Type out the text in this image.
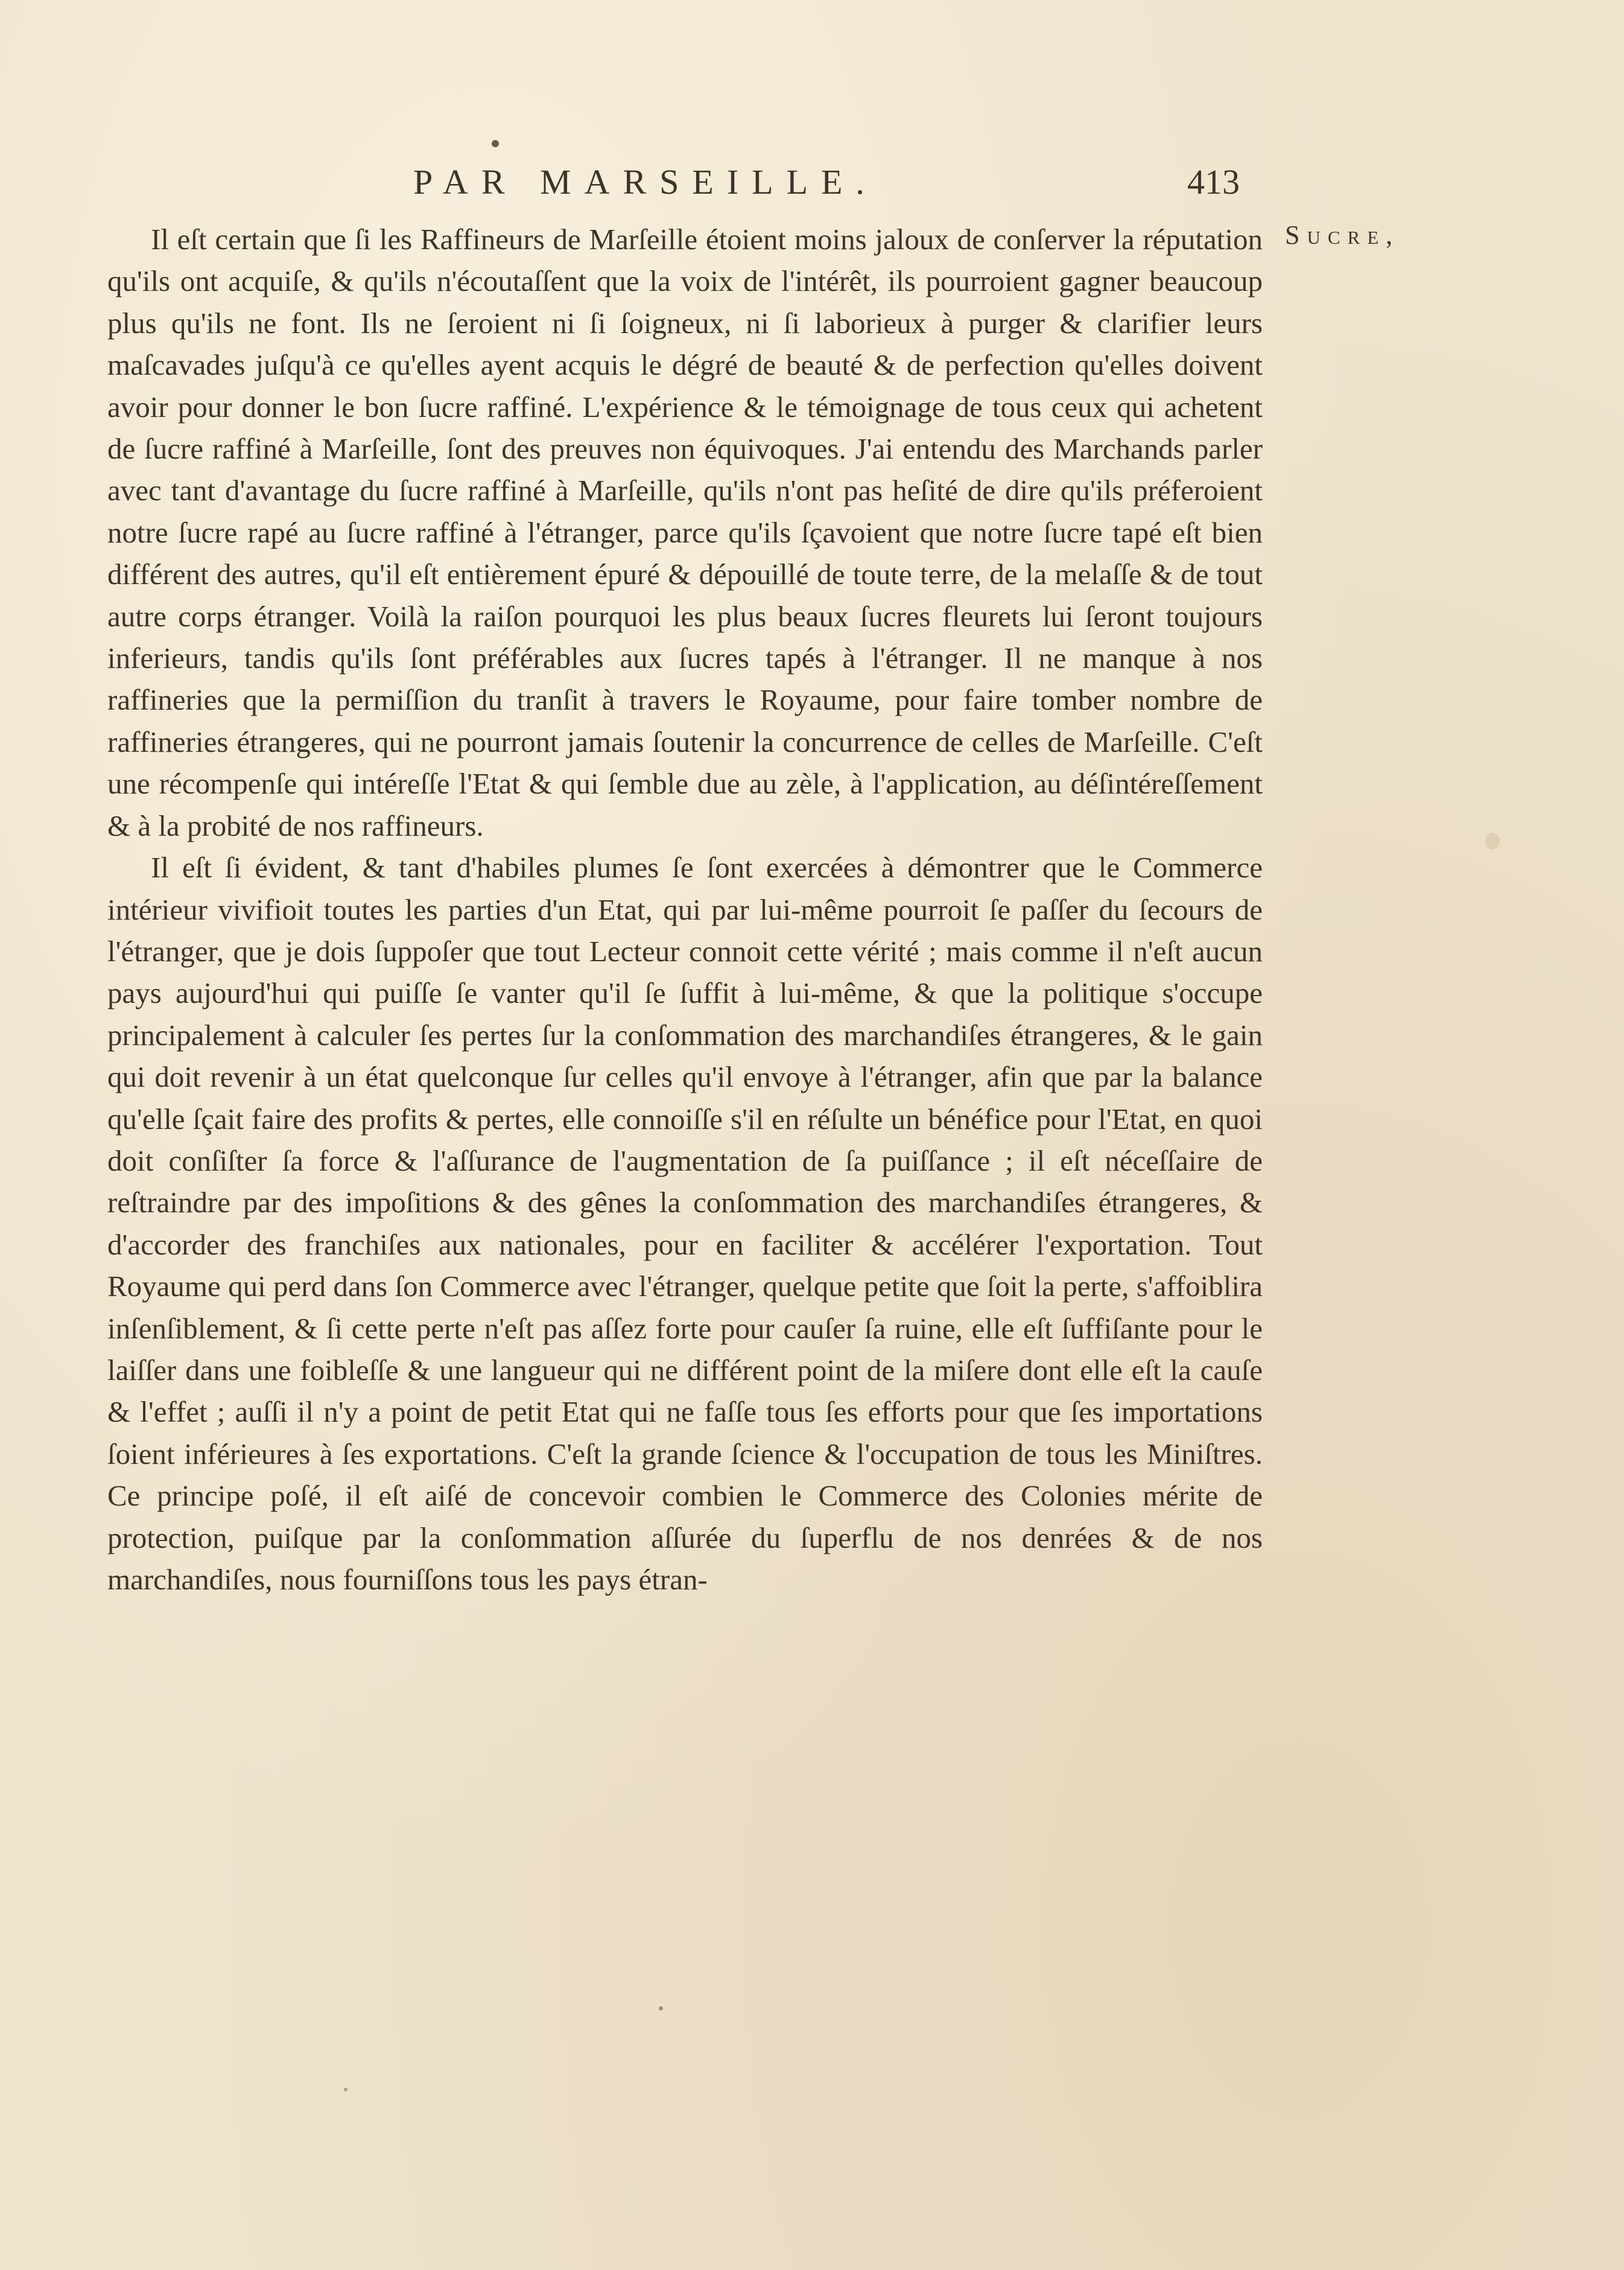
PAR MARSEILLE.	413
Sucre,

Il eſt certain que ſi les Raffineurs de Marſeille étoient moins jaloux de conſerver la réputation qu'ils ont acquiſe, & qu'ils n'écoutaſſent que la voix de l'intérêt, ils pourroient gagner beaucoup plus qu'ils ne font. Ils ne ſeroient ni ſi ſoigneux, ni ſi laborieux à purger & clarifier leurs maſcavades juſqu'à ce qu'elles ayent acquis le dégré de beauté & de perfection qu'elles doivent avoir pour donner le bon ſucre raffiné. L'expérience & le témoignage de tous ceux qui achetent de ſucre raffiné à Marſeille, ſont des preuves non équivoques. J'ai entendu des Marchands parler avec tant d'avantage du ſucre raffiné à Marſeille, qu'ils n'ont pas heſité de dire qu'ils préferoient notre ſucre rapé au ſucre raffiné à l'étranger, parce qu'ils ſçavoient que notre ſucre tapé eſt bien différent des autres, qu'il eſt entièrement épuré & dépouillé de toute terre, de la melaſſe & de tout autre corps étranger. Voilà la raiſon pourquoi les plus beaux ſucres fleurets lui ſeront toujours inferieurs, tandis qu'ils ſont préférables aux ſucres tapés à l'étranger. Il ne manque à nos raffineries que la permiſſion du tranſit à travers le Royaume, pour faire tomber nombre de raffineries étrangeres, qui ne pourront jamais ſoutenir la concurrence de celles de Marſeille. C'eſt une récompenſe qui intéreſſe l'Etat & qui ſemble due au zèle, à l'application, au déſintéreſſement & à la probité de nos raffineurs.

Il eſt ſi évident, & tant d'habiles plumes ſe ſont exercées à démontrer que le Commerce intérieur vivifioit toutes les parties d'un Etat, qui par lui-même pourroit ſe paſſer du ſecours de l'étranger, que je dois ſuppoſer que tout Lecteur connoit cette vérité ; mais comme il n'eſt aucun pays aujourd'hui qui puiſſe ſe vanter qu'il ſe ſuffit à lui-même, & que la politique s'occupe principalement à calculer ſes pertes ſur la conſommation des marchandiſes étrangeres, & le gain qui doit revenir à un état quelconque ſur celles qu'il envoye à l'étranger, afin que par la balance qu'elle ſçait faire des profits & pertes, elle connoiſſe s'il en réſulte un bénéfice pour l'Etat, en quoi doit conſiſter ſa force & l'aſſurance de l'augmentation de ſa puiſſance ; il eſt néceſſaire de reſtraindre par des impoſitions & des gênes la conſommation des marchandiſes étrangeres, & d'accorder des franchiſes aux nationales, pour en faciliter & accélérer l'exportation. Tout Royaume qui perd dans ſon Commerce avec l'étranger, quelque petite que ſoit la perte, s'affoiblira inſenſiblement, & ſi cette perte n'eſt pas aſſez forte pour cauſer ſa ruine, elle eſt ſuffiſante pour le laiſſer dans une foibleſſe & une langueur qui ne différent point de la miſere dont elle eſt la cauſe & l'effet ; auſſi il n'y a point de petit Etat qui ne faſſe tous ſes efforts pour que ſes importations ſoient inférieures à ſes exportations. C'eſt la grande ſcience & l'occupation de tous les Miniſtres. Ce principe poſé, il eſt aiſé de concevoir combien le Commerce des Colonies mérite de protection, puiſque par la conſommation aſſurée du ſuperflu de nos denrées & de nos marchandiſes, nous fourniſſons tous les pays étran-
